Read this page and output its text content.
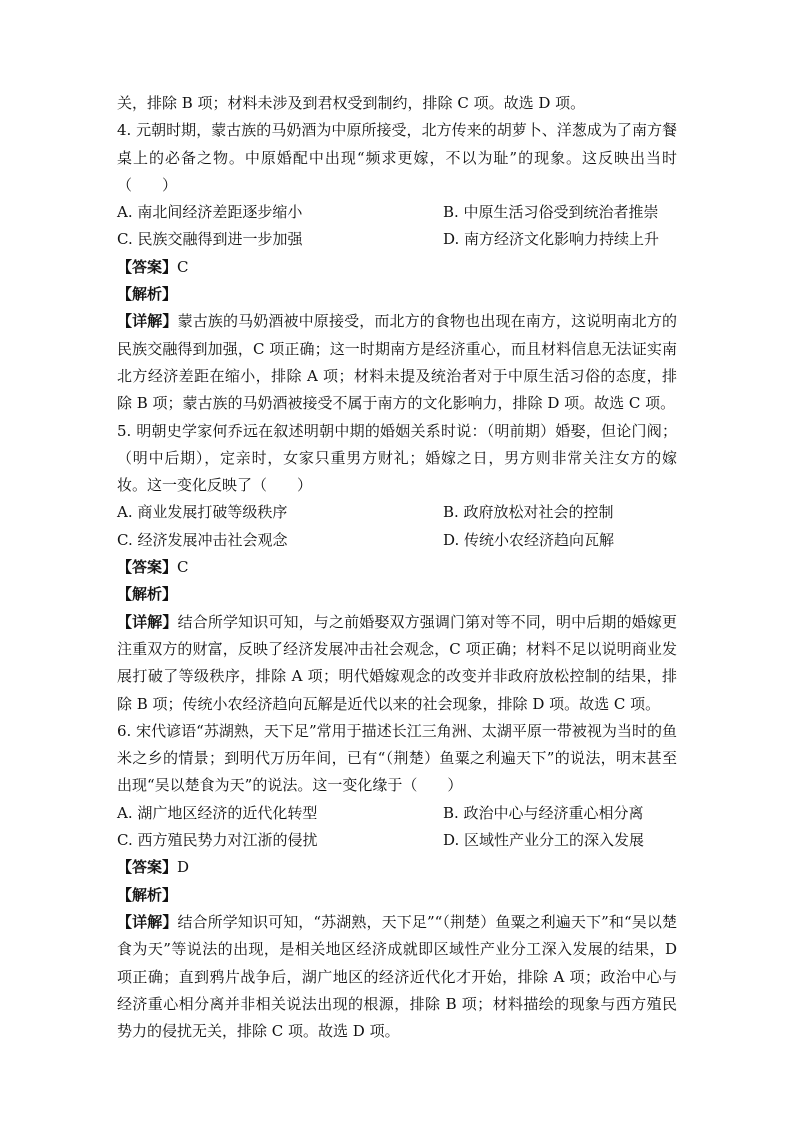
关，排除 B 项；材料未涉及到君权受到制约，排除 C 项。故选 D 项。

4. 元朝时期，蒙古族的马奶酒为中原所接受，北方传来的胡萝卜、洋葱成为了南方餐桌上的必备之物。中原婚配中出现“频求更嫁，不以为耻”的现象。这反映出当时（　　）

A. 南北间经济差距逐步缩小	B. 中原生活习俗受到统治者推崇
C. 民族交融得到进一步加强	D. 南方经济文化影响力持续上升

【答案】C

【解析】

【详解】蒙古族的马奶酒被中原接受，而北方的食物也出现在南方，这说明南北方的民族交融得到加强，C 项正确；这一时期南方是经济重心，而且材料信息无法证实南北方经济差距在缩小，排除 A 项；材料未提及统治者对于中原生活习俗的态度，排除 B 项；蒙古族的马奶酒被接受不属于南方的文化影响力，排除 D 项。故选 C 项。

5. 明朝史学家何乔远在叙述明朝中期的婚姻关系时说：（明前期）婚娶，但论门阀；（明中后期），定亲时，女家只重男方财礼；婚嫁之日，男方则非常关注女方的嫁妆。这一变化反映了（　　）

A. 商业发展打破等级秩序	B. 政府放松对社会的控制
C. 经济发展冲击社会观念	D. 传统小农经济趋向瓦解

【答案】C

【解析】

【详解】结合所学知识可知，与之前婚娶双方强调门第对等不同，明中后期的婚嫁更注重双方的财富，反映了经济发展冲击社会观念，C 项正确；材料不足以说明商业发展打破了等级秩序，排除 A 项；明代婚嫁观念的改变并非政府放松控制的结果，排除 B 项；传统小农经济趋向瓦解是近代以来的社会现象，排除 D 项。故选 C 项。

6. 宋代谚语“苏湖熟，天下足”常用于描述长江三角洲、太湖平原一带被视为当时的鱼米之乡的情景；到明代万历年间，已有“（荆楚）鱼粟之利遍天下”的说法，明末甚至出现“吴以楚食为天”的说法。这一变化缘于（　　）

A. 湖广地区经济的近代化转型	B. 政治中心与经济重心相分离
C. 西方殖民势力对江浙的侵扰	D. 区域性产业分工的深入发展

【答案】D

【解析】

【详解】结合所学知识可知，“苏湖熟，天下足”“（荆楚）鱼粟之利遍天下”和“吴以楚食为天”等说法的出现，是相关地区经济成就即区域性产业分工深入发展的结果，D 项正确；直到鸦片战争后，湖广地区的经济近代化才开始，排除 A 项；政治中心与经济重心相分离并非相关说法出现的根源，排除 B 项；材料描绘的现象与西方殖民势力的侵扰无关，排除 C 项。故选 D 项。
